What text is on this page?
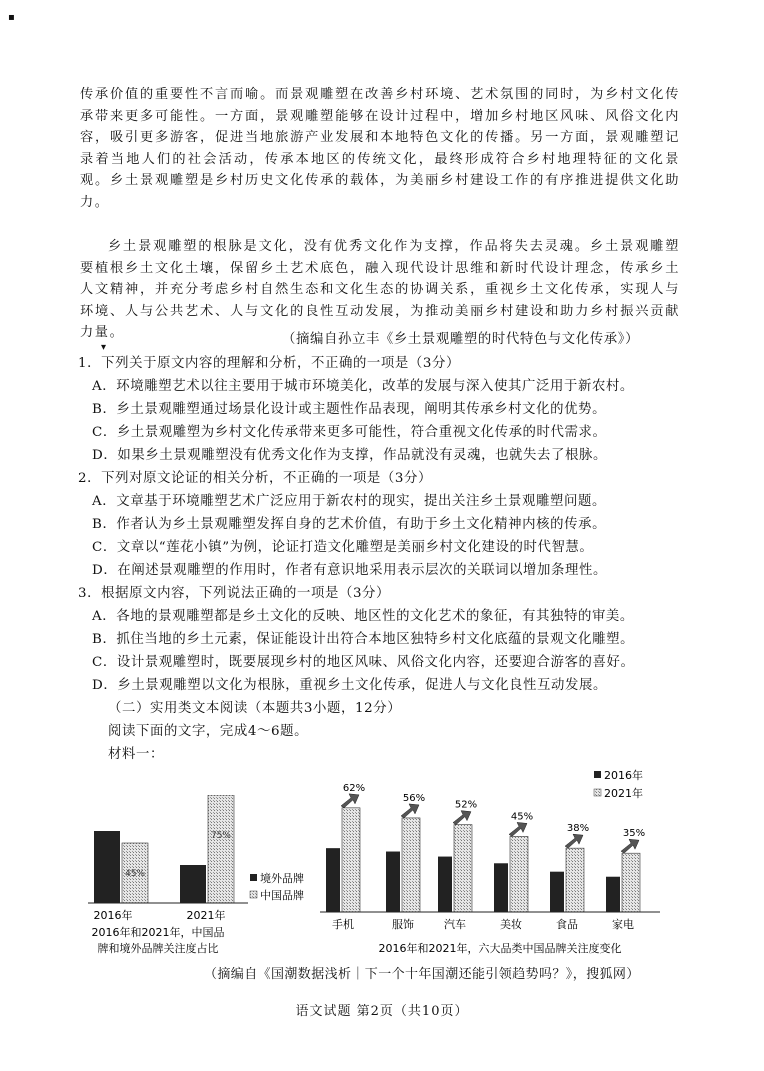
传承价值的重要性不言而喻。而景观雕塑在改善乡村环境、艺术氛围的同时，为乡村文化传承带来更多可能性。一方面，景观雕塑能够在设计过程中，增加乡村地区风味、风俗文化内容，吸引更多游客，促进当地旅游产业发展和本地特色文化的传播。另一方面，景观雕塑记录着当地人们的社会活动，传承本地区的传统文化，最终形成符合乡村地理特征的文化景观。乡土景观雕塑是乡村历史文化传承的载体，为美丽乡村建设工作的有序推进提供文化助力。
乡土景观雕塑的根脉是文化，没有优秀文化作为支撑，作品将失去灵魂。乡土景观雕塑要植根乡土文化土壤，保留乡土艺术底色，融入现代设计思维和新时代设计理念，传承乡土人文精神，并充分考虑乡村自然生态和文化生态的协调关系，重视乡土文化传承，实现人与环境、人与公共艺术、人与文化的良性互动发展，为推动美丽乡村建设和助力乡村振兴贡献力量。	（摘编自孙立丰《乡土景观雕塑的时代特色与文化传承》）
1．下列关于原文内容的理解和分析，不正确的一项是（3分）
A．环境雕塑艺术以往主要用于城市环境美化，改革的发展与深入使其广泛用于新农村。
B．乡土景观雕塑通过场景化设计或主题性作品表现，阐明其传承乡村文化的优势。
C．乡土景观雕塑为乡村文化传承带来更多可能性，符合重视文化传承的时代需求。
D．如果乡土景观雕塑没有优秀文化作为支撑，作品就没有灵魂，也就失去了根脉。
2．下列对原文论证的相关分析，不正确的一项是（3分）
A．文章基于环境雕塑艺术广泛应用于新农村的现实，提出关注乡土景观雕塑问题。
B．作者认为乡土景观雕塑发挥自身的艺术价值，有助于乡土文化精神内核的传承。
C．文章以“莲花小镇”为例，论证打造文化雕塑是美丽乡村文化建设的时代智慧。
D．在阐述景观雕塑的作用时，作者有意识地采用表示层次的关联词以增加条理性。
3．根据原文内容，下列说法正确的一项是（3分）
A．各地的景观雕塑都是乡土文化的反映、地区性的文化艺术的象征，有其独特的审美。
B．抓住当地的乡土元素，保证能设计出符合本地区独特乡村文化底蕴的景观文化雕塑。
C．设计景观雕塑时，既要展现乡村的地区风味、风俗文化内容，还要迎合游客的喜好。
D．乡土景观雕塑以文化为根脉，重视乡土文化传承，促进人与文化良性互动发展。
（二）实用类文本阅读（本题共3小题，12分）
阅读下面的文字，完成4～6题。
材料一：
45%
75%
境外品牌
中国品牌
2016年	2021年
2016年和2021年，中国品
牌和境外品牌关注度占比
2016年
2021年
62%
手机
56%
服饰
52%
汽车
45%
美妆
38%
食品
35%
家电
2016年和2021年，六大品类中国品牌关注度变化
（摘编自《国潮数据浅析｜下一个十年国潮还能引领趋势吗？》，搜狐网）
语文试题 第2页（共10页）
▪
▾
